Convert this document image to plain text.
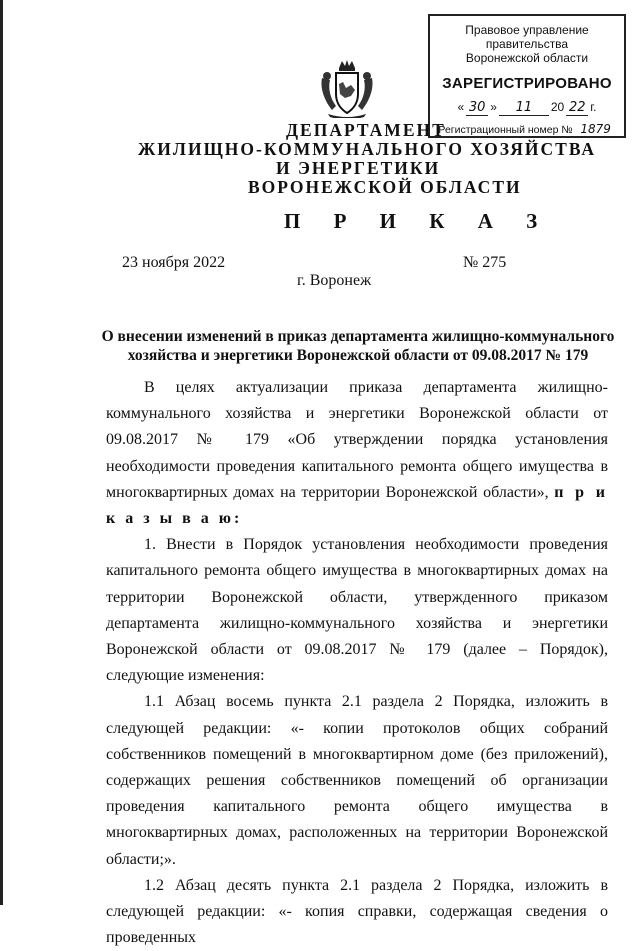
Правовое управление правительства
Воронежской области
ЗАРЕГИСТРИРОВАНО
« 30 »	11	20 22 г.
Регистрационный номер № 1879
ДЕПАРТАМЕНТ
ЖИЛИЩНО-КОММУНАЛЬНОГО ХОЗЯЙСТВА
И ЭНЕРГЕТИКИ
ВОРОНЕЖСКОЙ ОБЛАСТИ
П Р И К А З
23 ноября 2022	№ 275
г. Воронеж
О внесении изменений в приказ департамента жилищно-коммунального
хозяйства и энергетики Воронежской области от 09.08.2017 № 179

В целях актуализации приказа департамента жилищно-коммунального хозяйства и энергетики Воронежской области от 09.08.2017 № 179 «Об утверждении порядка установления необходимости проведения капитального ремонта общего имущества в многоквартирных домах на территории Воронежской области», п р и к а з ы в а ю:

1. Внести в Порядок установления необходимости проведения капитального ремонта общего имущества в многоквартирных домах на территории Воронежской области, утвержденного приказом департамента жилищно-коммунального хозяйства и энергетики Воронежской области от 09.08.2017 № 179 (далее – Порядок), следующие изменения:

1.1 Абзац восемь пункта 2.1 раздела 2 Порядка, изложить в следующей редакции: «- копии протоколов общих собраний собственников помещений в многоквартирном доме (без приложений), содержащих решения собственников помещений об организации проведения капитального ремонта общего имущества в многоквартирных домах, расположенных на территории Воронежской области;».

1.2 Абзац десять пункта 2.1 раздела 2 Порядка, изложить в следующей редакции: «- копия справки, содержащая сведения о проведенных
